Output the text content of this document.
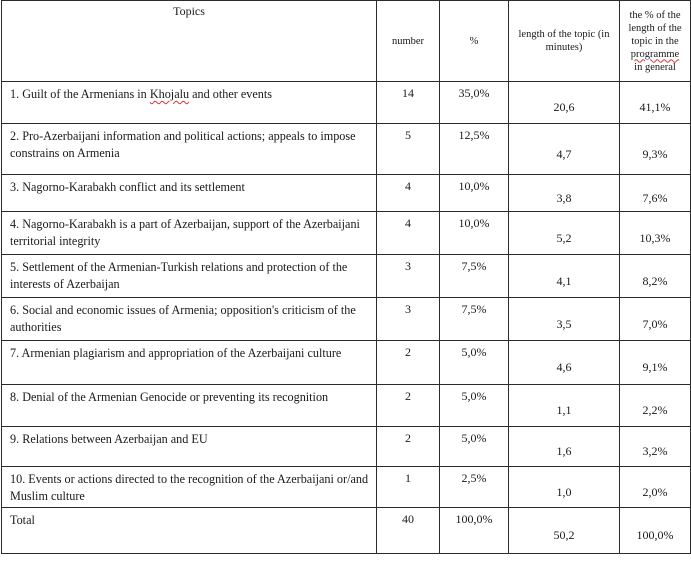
Topics	number	%	length of the topic (in minutes)	the % of the length of the topic in the
programme
in general
1. Guilt of the Armenians in Khojalu and other events	14	35,0%	20,6	41,1%
2. Pro-Azerbaijani information and political actions; appeals to impose constrains on Armenia	5	12,5%	4,7	9,3%
3. Nagorno-Karabakh conflict and its settlement	4	10,0%	3,8	7,6%
4. Nagorno-Karabakh is a part of Azerbaijan, support of the Azerbaijani territorial integrity	4	10,0%	5,2	10,3%
5. Settlement of the Armenian-Turkish relations and protection of the interests of Azerbaijan	3	7,5%	4,1	8,2%
6. Social and economic issues of Armenia; opposition's criticism of the authorities	3	7,5%	3,5	7,0%
7. Armenian plagiarism and appropriation of the Azerbaijani culture	2	5,0%	4,6	9,1%
8. Denial of the Armenian Genocide or preventing its recognition	2	5,0%	1,1	2,2%
9. Relations between Azerbaijan and EU	2	5,0%	1,6	3,2%
10. Events or actions directed to the recognition of the Azerbaijani or/and Muslim culture	1	2,5%	1,0	2,0%
Total	40	100,0%	50,2	100,0%
